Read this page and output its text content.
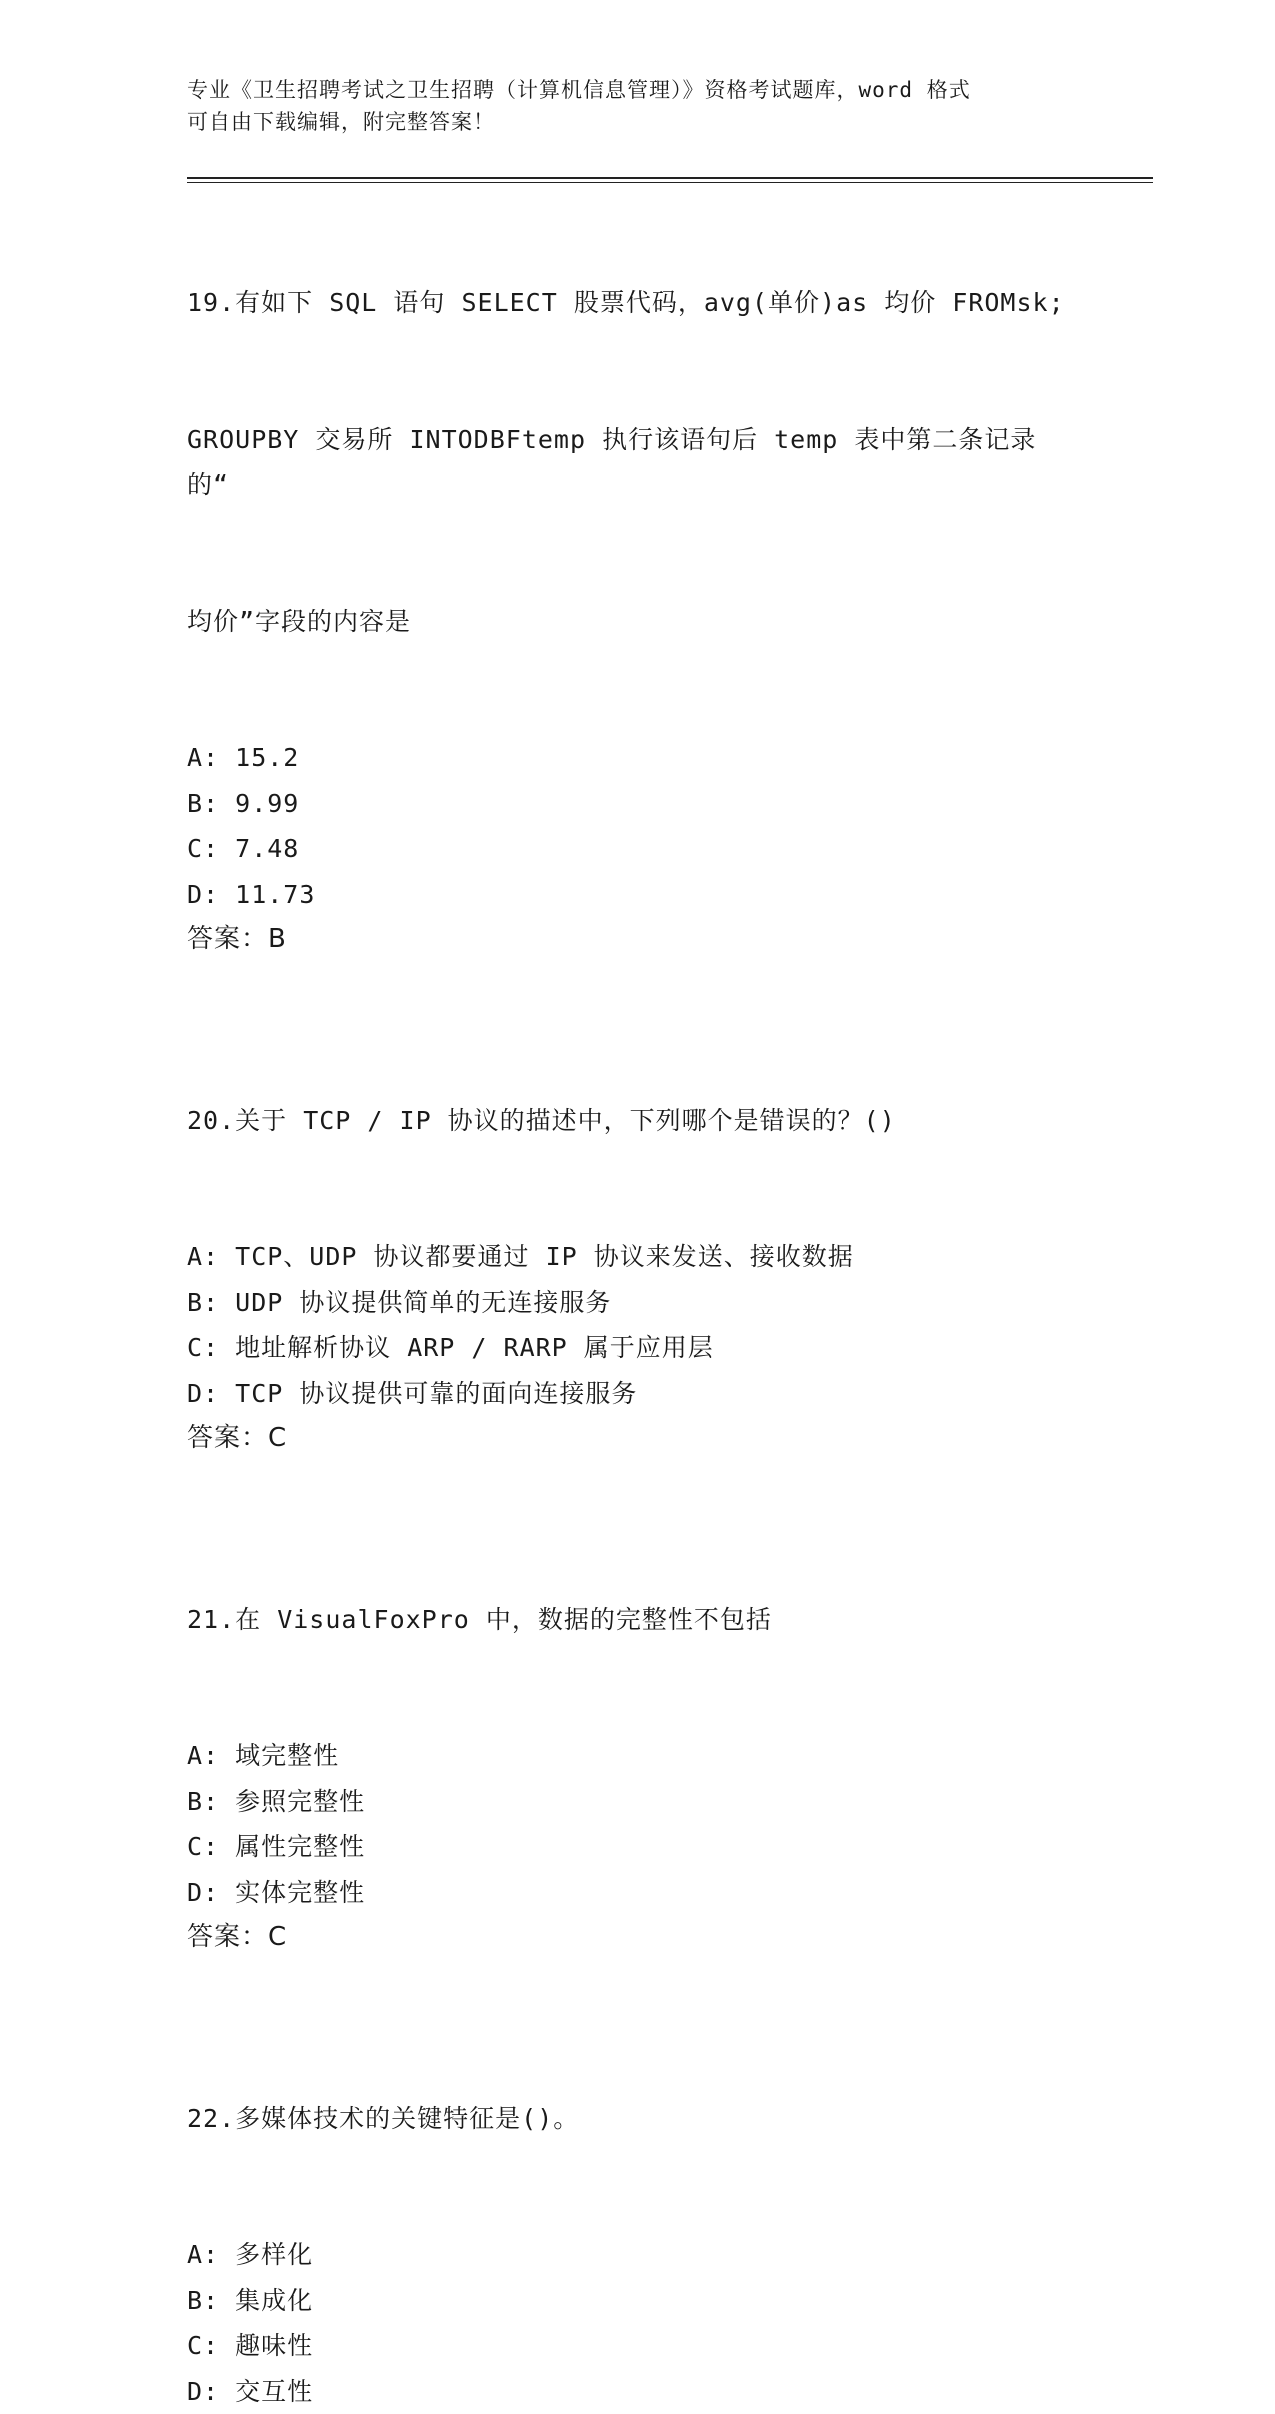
专业《卫生招聘考试之卫生招聘（计算机信息管理）》资格考试题库，word 格式
可自由下载编辑，附完整答案！

19.有如下 SQL 语句 SELECT 股票代码，avg(单价)as 均价 FROMsk;

GROUPBY 交易所 INTODBFtemp 执行该语句后 temp 表中第二条记录的“

均价”字段的内容是

A: 15.2
B: 9.99
C: 7.48
D: 11.73
答案：B

20.关于 TCP / IP 协议的描述中，下列哪个是错误的？()

A: TCP、UDP 协议都要通过 IP 协议来发送、接收数据
B: UDP 协议提供简单的无连接服务
C: 地址解析协议 ARP / RARP 属于应用层
D: TCP 协议提供可靠的面向连接服务
答案：C

21.在 VisualFoxPro 中，数据的完整性不包括

A: 域完整性
B: 参照完整性
C: 属性完整性
D: 实体完整性
答案：C

22.多媒体技术的关键特征是()。

A: 多样化
B: 集成化
C: 趣味性
D: 交互性
